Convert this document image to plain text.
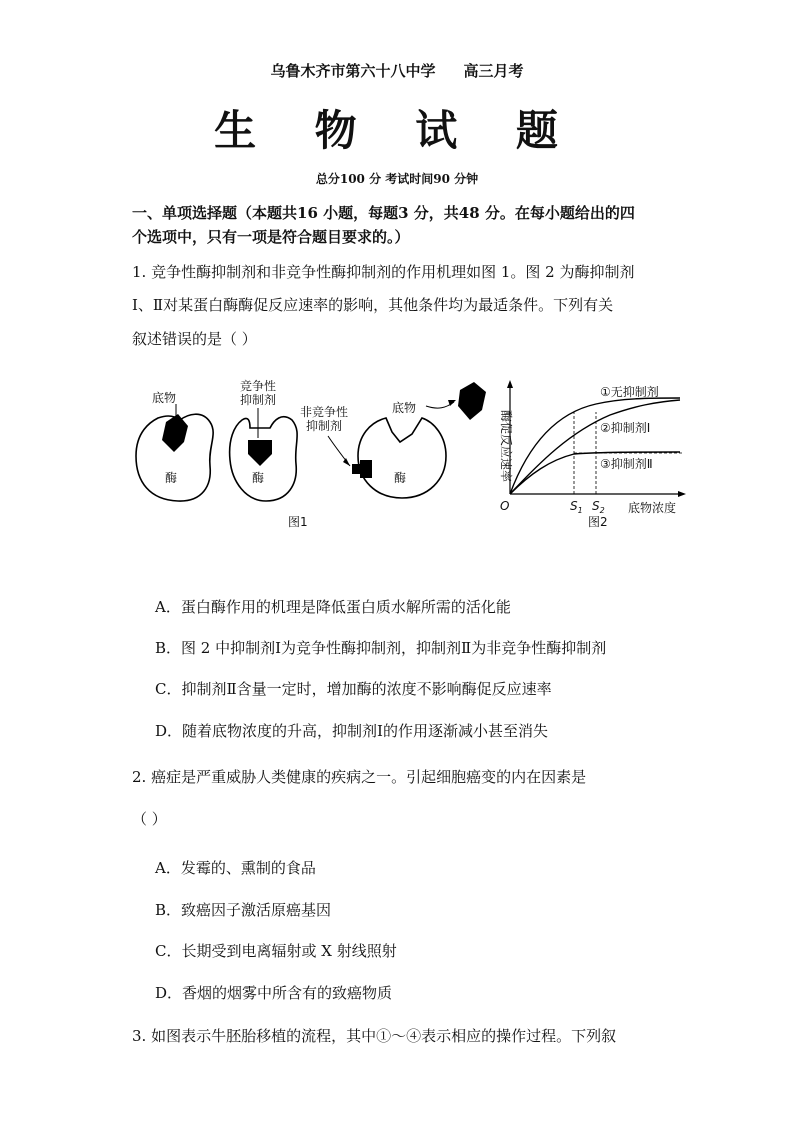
乌鲁木齐市第六十八中学 高三月考
生 物 试 题
总分100 分 考试时间90 分钟
一、单项选择题（本题共16 小题，每题3 分，共48 分。在每小题给出的四
个选项中，只有一项是符合题目要求的。）
1. 竞争性酶抑制剂和非竞争性酶抑制剂的作用机理如图 1。图 2 为酶抑制剂
Ⅰ、Ⅱ对某蛋白酶酶促反应速率的影响，其他条件均为最适条件。下列有关
叙述错误的是（ ）
底物
酶
竞争性
抑制剂
酶
非竞争性
抑制剂
酶
底物
图1
酶促反应速率
底物浓度
O	$S_1$ $S_2$
①无抑制剂
②抑制剂Ⅰ
③抑制剂Ⅱ
图2
A．蛋白酶作用的机理是降低蛋白质水解所需的活化能
B．图 2 中抑制剂Ⅰ为竞争性酶抑制剂，抑制剂Ⅱ为非竞争性酶抑制剂
C．抑制剂Ⅱ含量一定时，增加酶的浓度不影响酶促反应速率
D．随着底物浓度的升高，抑制剂Ⅰ的作用逐渐减小甚至消失
2. 癌症是严重威胁人类健康的疾病之一。引起细胞癌变的内在因素是
（ ）
A．发霉的、熏制的食品
B．致癌因子激活原癌基因
C．长期受到电离辐射或 X 射线照射
D．香烟的烟雾中所含有的致癌物质
3. 如图表示牛胚胎移植的流程，其中①～④表示相应的操作过程。下列叙
